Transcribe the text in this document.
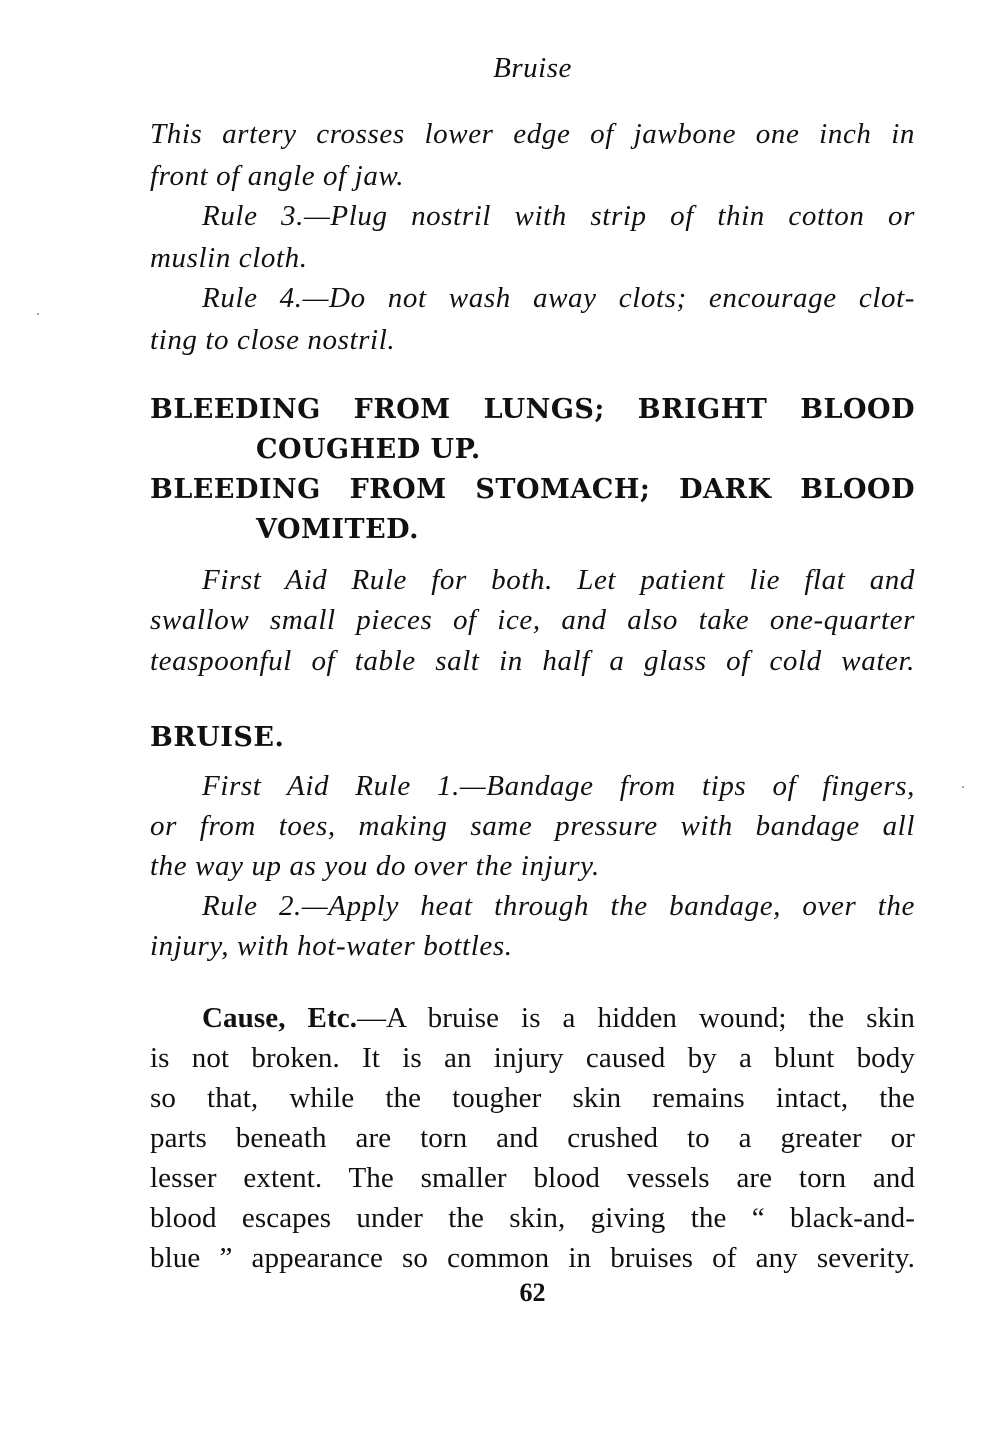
Bruise
This artery crosses lower edge of jawbone one inch in
front of angle of jaw.
Rule 3.—Plug nostril with strip of thin cotton or
muslin cloth.
Rule 4.—Do not wash away clots; encourage clot-
ting to close nostril.
BLEEDING FROM LUNGS; BRIGHT BLOOD
COUGHED UP.
BLEEDING FROM STOMACH; DARK BLOOD
VOMITED.
First Aid Rule for both. Let patient lie flat and
swallow small pieces of ice, and also take one-quarter
teaspoonful of table salt in half a glass of cold water.
BRUISE.
First Aid Rule 1.—Bandage from tips of fingers,
or from toes, making same pressure with bandage all
the way up as you do over the injury.
Rule 2.—Apply heat through the bandage, over the
injury, with hot-water bottles.
Cause, Etc.—A bruise is a hidden wound; the skin
is not broken. It is an injury caused by a blunt body
so that, while the tougher skin remains intact, the
parts beneath are torn and crushed to a greater or
lesser extent. The smaller blood vessels are torn and
blood escapes under the skin, giving the “ black-and-
blue ” appearance so common in bruises of any severity.
62
